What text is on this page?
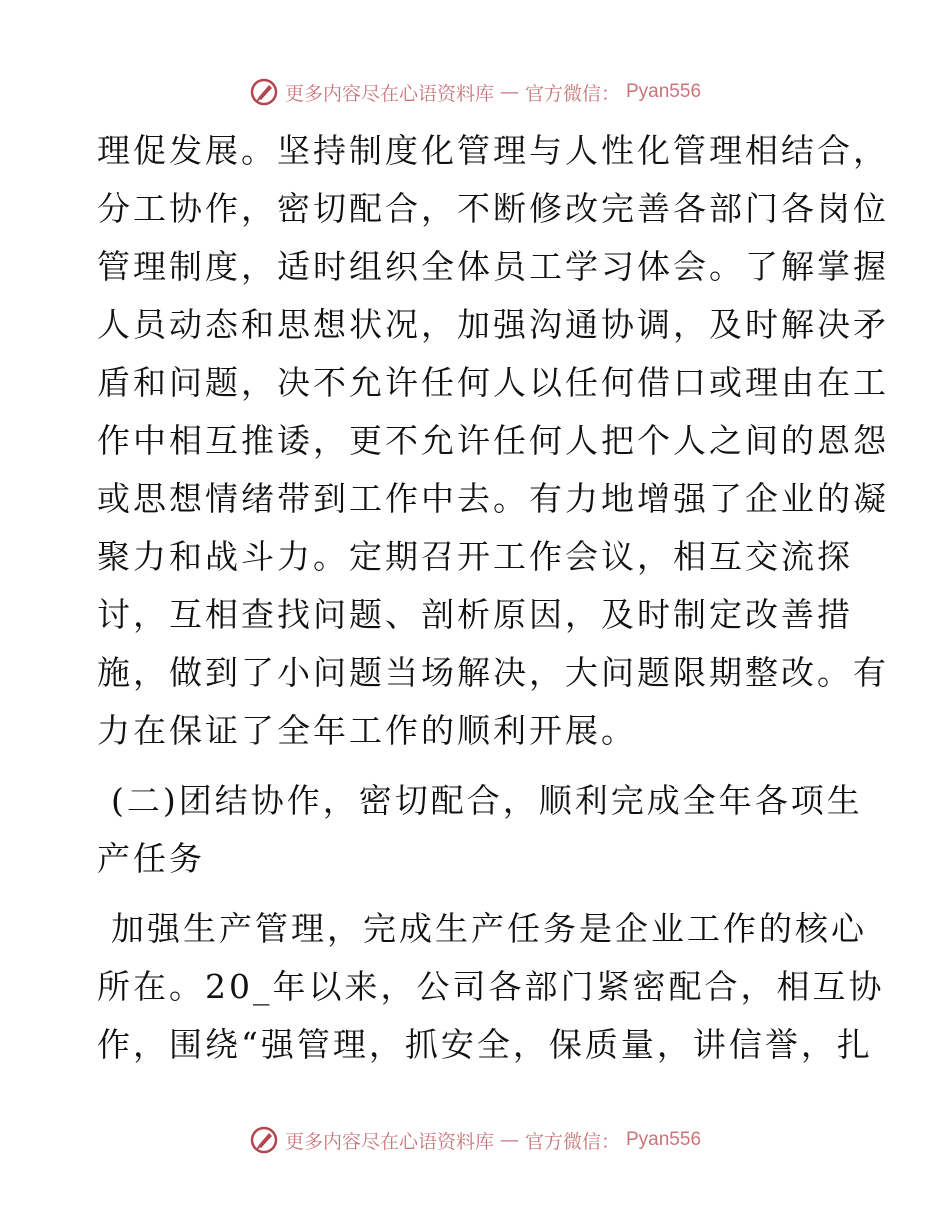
更多内容尽在心语资料库 — 官方微信： Pyan556
理促发展。坚持制度化管理与人性化管理相结合，
分工协作，密切配合，不断修改完善各部门各岗位
管理制度，适时组织全体员工学习体会。了解掌握
人员动态和思想状况，加强沟通协调，及时解决矛
盾和问题，决不允许任何人以任何借口或理由在工
作中相互推诿，更不允许任何人把个人之间的恩怨
或思想情绪带到工作中去。有力地增强了企业的凝
聚力和战斗力。定期召开工作会议，相互交流探
讨，互相查找问题、剖析原因，及时制定改善措
施，做到了小问题当场解决，大问题限期整改。有
力在保证了全年工作的顺利开展。
(二)团结协作，密切配合，顺利完成全年各项生
产任务
加强生产管理，完成生产任务是企业工作的核心
所在。20_年以来，公司各部门紧密配合，相互协
作，围绕“强管理，抓安全，保质量，讲信誉，扎
更多内容尽在心语资料库 — 官方微信： Pyan556
